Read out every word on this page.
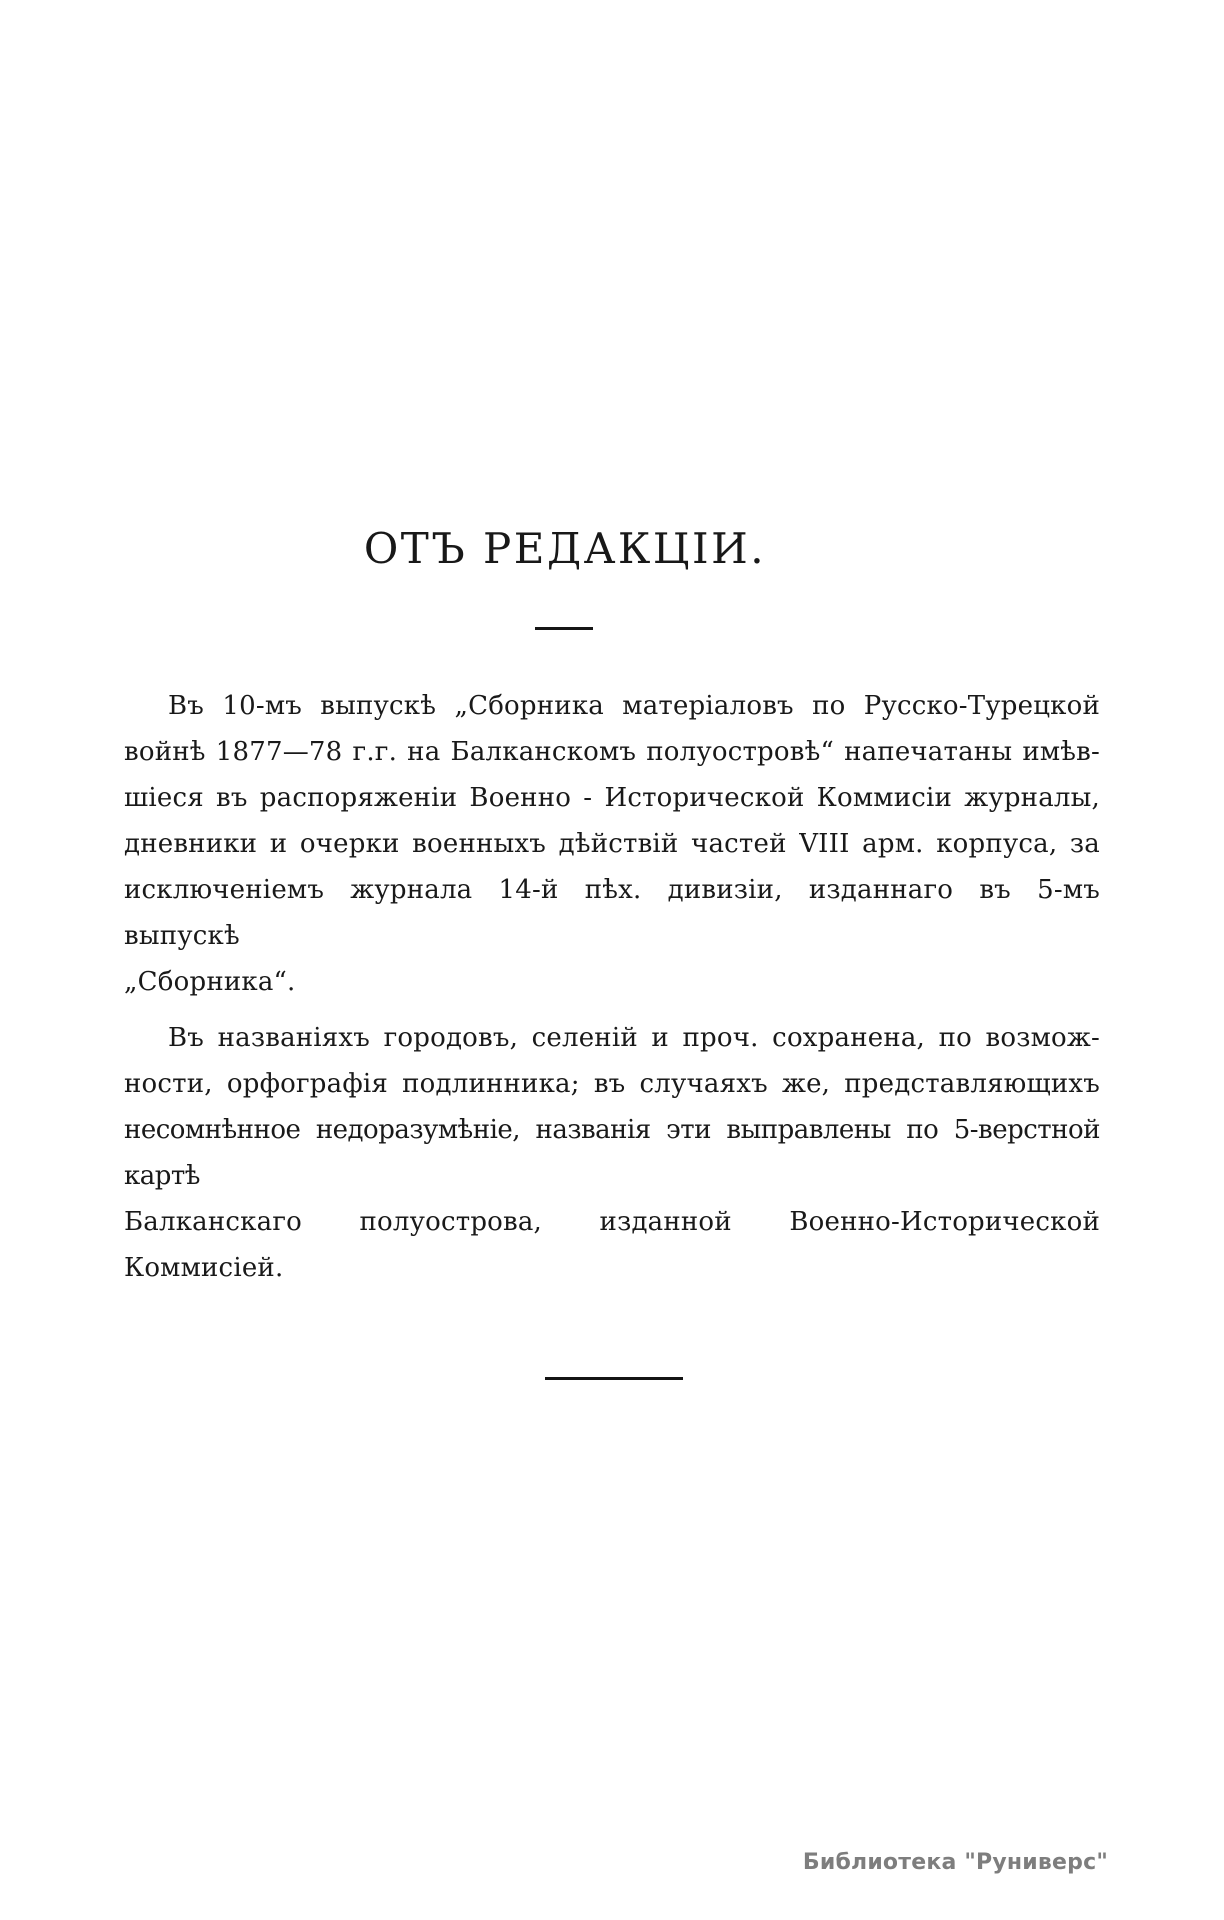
ОТЪ РЕДАКЦІИ.
Въ 10-мъ выпускѣ „Сборника матеріаловъ по Русско-Турецкой
войнѣ 1877—78 г.г. на Балканскомъ полуостровѣ“ напечатаны имѣв-
шіеся въ распоряженіи Военно - Исторической Коммисіи журналы,
дневники и очерки военныхъ дѣйствій частей VIII арм. корпуса, за
исключеніемъ журнала 14-й пѣх. дивизіи, изданнаго въ 5-мъ выпускѣ
„Сборника“.
Въ названіяхъ городовъ, селеній и проч. сохранена, по возмож-
ности, орфографія подлинника; въ случаяхъ же, представляющихъ
несомнѣнное недоразумѣніе, названія эти выправлены по 5-верстной картѣ
Балканскаго полуострова, изданной Военно-Исторической Коммисіей.
Библиотека "Руниверс"
